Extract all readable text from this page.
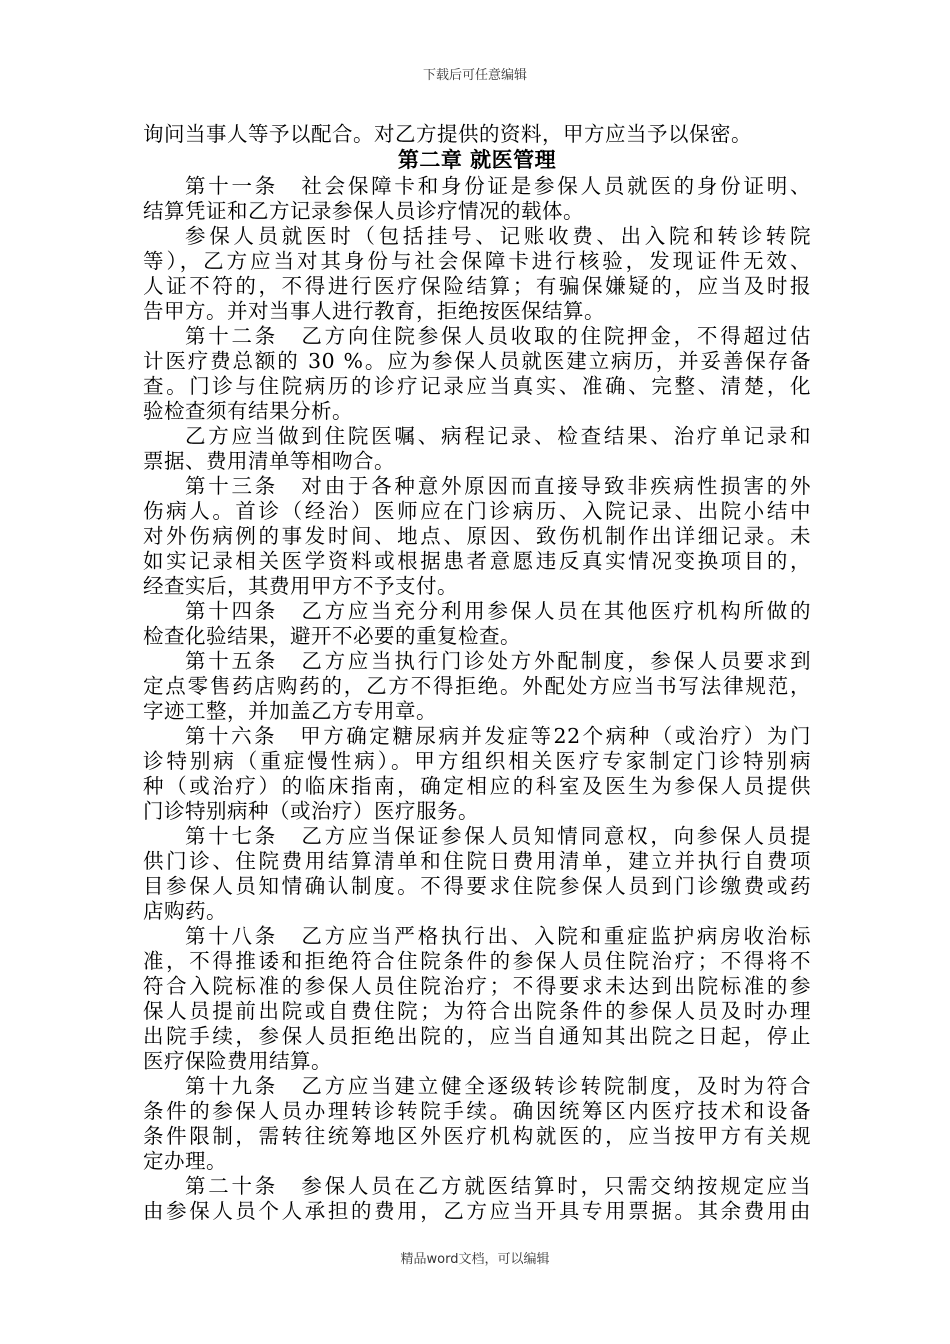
下载后可任意编辑
询问当事人等予以配合。对乙方提供的资料，甲方应当予以保密。
第二章 就医管理
第十一条　社会保障卡和身份证是参保人员就医的身份证明、
结算凭证和乙方记录参保人员诊疗情况的载体。
参保人员就医时（包括挂号、记账收费、出入院和转诊转院
等），乙方应当对其身份与社会保障卡进行核验，发现证件无效、
人证不符的，不得进行医疗保险结算；有骗保嫌疑的，应当及时报
告甲方。并对当事人进行教育，拒绝按医保结算。
第十二条　乙方向住院参保人员收取的住院押金，不得超过估
计医疗费总额的 30 %。应为参保人员就医建立病历，并妥善保存备
查。门诊与住院病历的诊疗记录应当真实、准确、完整、清楚，化
验检查须有结果分析。
乙方应当做到住院医嘱、病程记录、检查结果、治疗单记录和
票据、费用清单等相吻合。
第十三条　对由于各种意外原因而直接导致非疾病性损害的外
伤病人。首诊（经治）医师应在门诊病历、入院记录、出院小结中
对外伤病例的事发时间、地点、原因、致伤机制作出详细记录。未
如实记录相关医学资料或根据患者意愿违反真实情况变换项目的，
经查实后，其费用甲方不予支付。
第十四条　乙方应当充分利用参保人员在其他医疗机构所做的
检查化验结果，避开不必要的重复检查。
第十五条　乙方应当执行门诊处方外配制度，参保人员要求到
定点零售药店购药的，乙方不得拒绝。外配处方应当书写法律规范，
字迹工整，并加盖乙方专用章。
第十六条　甲方确定糖尿病并发症等22个病种（或治疗）为门
诊特别病（重症慢性病）。甲方组织相关医疗专家制定门诊特别病
种（或治疗）的临床指南，确定相应的科室及医生为参保人员提供
门诊特别病种（或治疗）医疗服务。
第十七条　乙方应当保证参保人员知情同意权，向参保人员提
供门诊、住院费用结算清单和住院日费用清单，建立并执行自费项
目参保人员知情确认制度。不得要求住院参保人员到门诊缴费或药
店购药。
第十八条　乙方应当严格执行出、入院和重症监护病房收治标
准，不得推诿和拒绝符合住院条件的参保人员住院治疗；不得将不
符合入院标准的参保人员住院治疗；不得要求未达到出院标准的参
保人员提前出院或自费住院；为符合出院条件的参保人员及时办理
出院手续，参保人员拒绝出院的，应当自通知其出院之日起，停止
医疗保险费用结算。
第十九条　乙方应当建立健全逐级转诊转院制度，及时为符合
条件的参保人员办理转诊转院手续。确因统筹区内医疗技术和设备
条件限制，需转往统筹地区外医疗机构就医的，应当按甲方有关规
定办理。
第二十条　参保人员在乙方就医结算时，只需交纳按规定应当
由参保人员个人承担的费用，乙方应当开具专用票据。其余费用由
精品word文档，可以编辑
